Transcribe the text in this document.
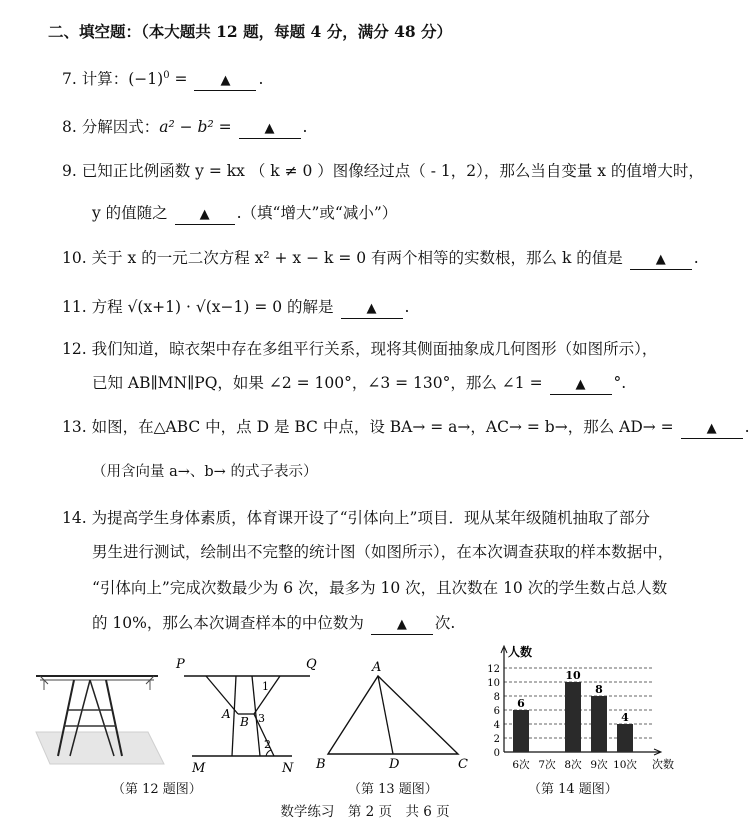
二、填空题：（本大题共 12 题，每题 4 分，满分 48 分）
7. 计算：$(-1)^0$ =	▲ .
8. 分解因式：a² − b² =	▲ .
9. 已知正比例函数 y = kx （ k ≠ 0 ）图像经过点（ - 1，2），那么当自变量 x 的值增大时，
y 的值随之 ▲ .（填“增大”或“减小”）
10. 关于 x 的一元二次方程 x² + x − k = 0 有两个相等的实数根，那么 k 的值是	▲ .
11. 方程 √(x+1) · √(x−1) = 0 的解是	▲ .
12. 我们知道，晾衣架中存在多组平行关系，现将其侧面抽象成几何图形（如图所示），
已知 AB∥MN∥PQ，如果 ∠2 = 100°，∠3 = 130°，那么 ∠1 =	▲ °.
13. 如图，在△ABC 中，点 D 是 BC 中点，设 BA→ = a→，AC→ = b→，那么 AD→ =	▲ .
（用含向量 a→、b→ 的式子表示）
14. 为提高学生身体素质，体育课开设了“引体向上”项目．现从某年级随机抽取了部分
男生进行测试，绘制出不完整的统计图（如图所示），在本次调查获取的样本数据中，
“引体向上”完成次数最少为 6 次，最多为 10 次，且次数在 10 次的学生数占总人数
的 10%，那么本次调查样本的中位数为	▲ 次.
P	Q
A
B
M	N
1
3
2
（第 12 题图）
A
B	C
D
（第 13 题图）
0
2
4
6
8
10
12
人数
次数
6
6次 7次
10
8次
8
9次
4
10次
（第 14 题图）
数学练习　第 2 页　共 6 页
